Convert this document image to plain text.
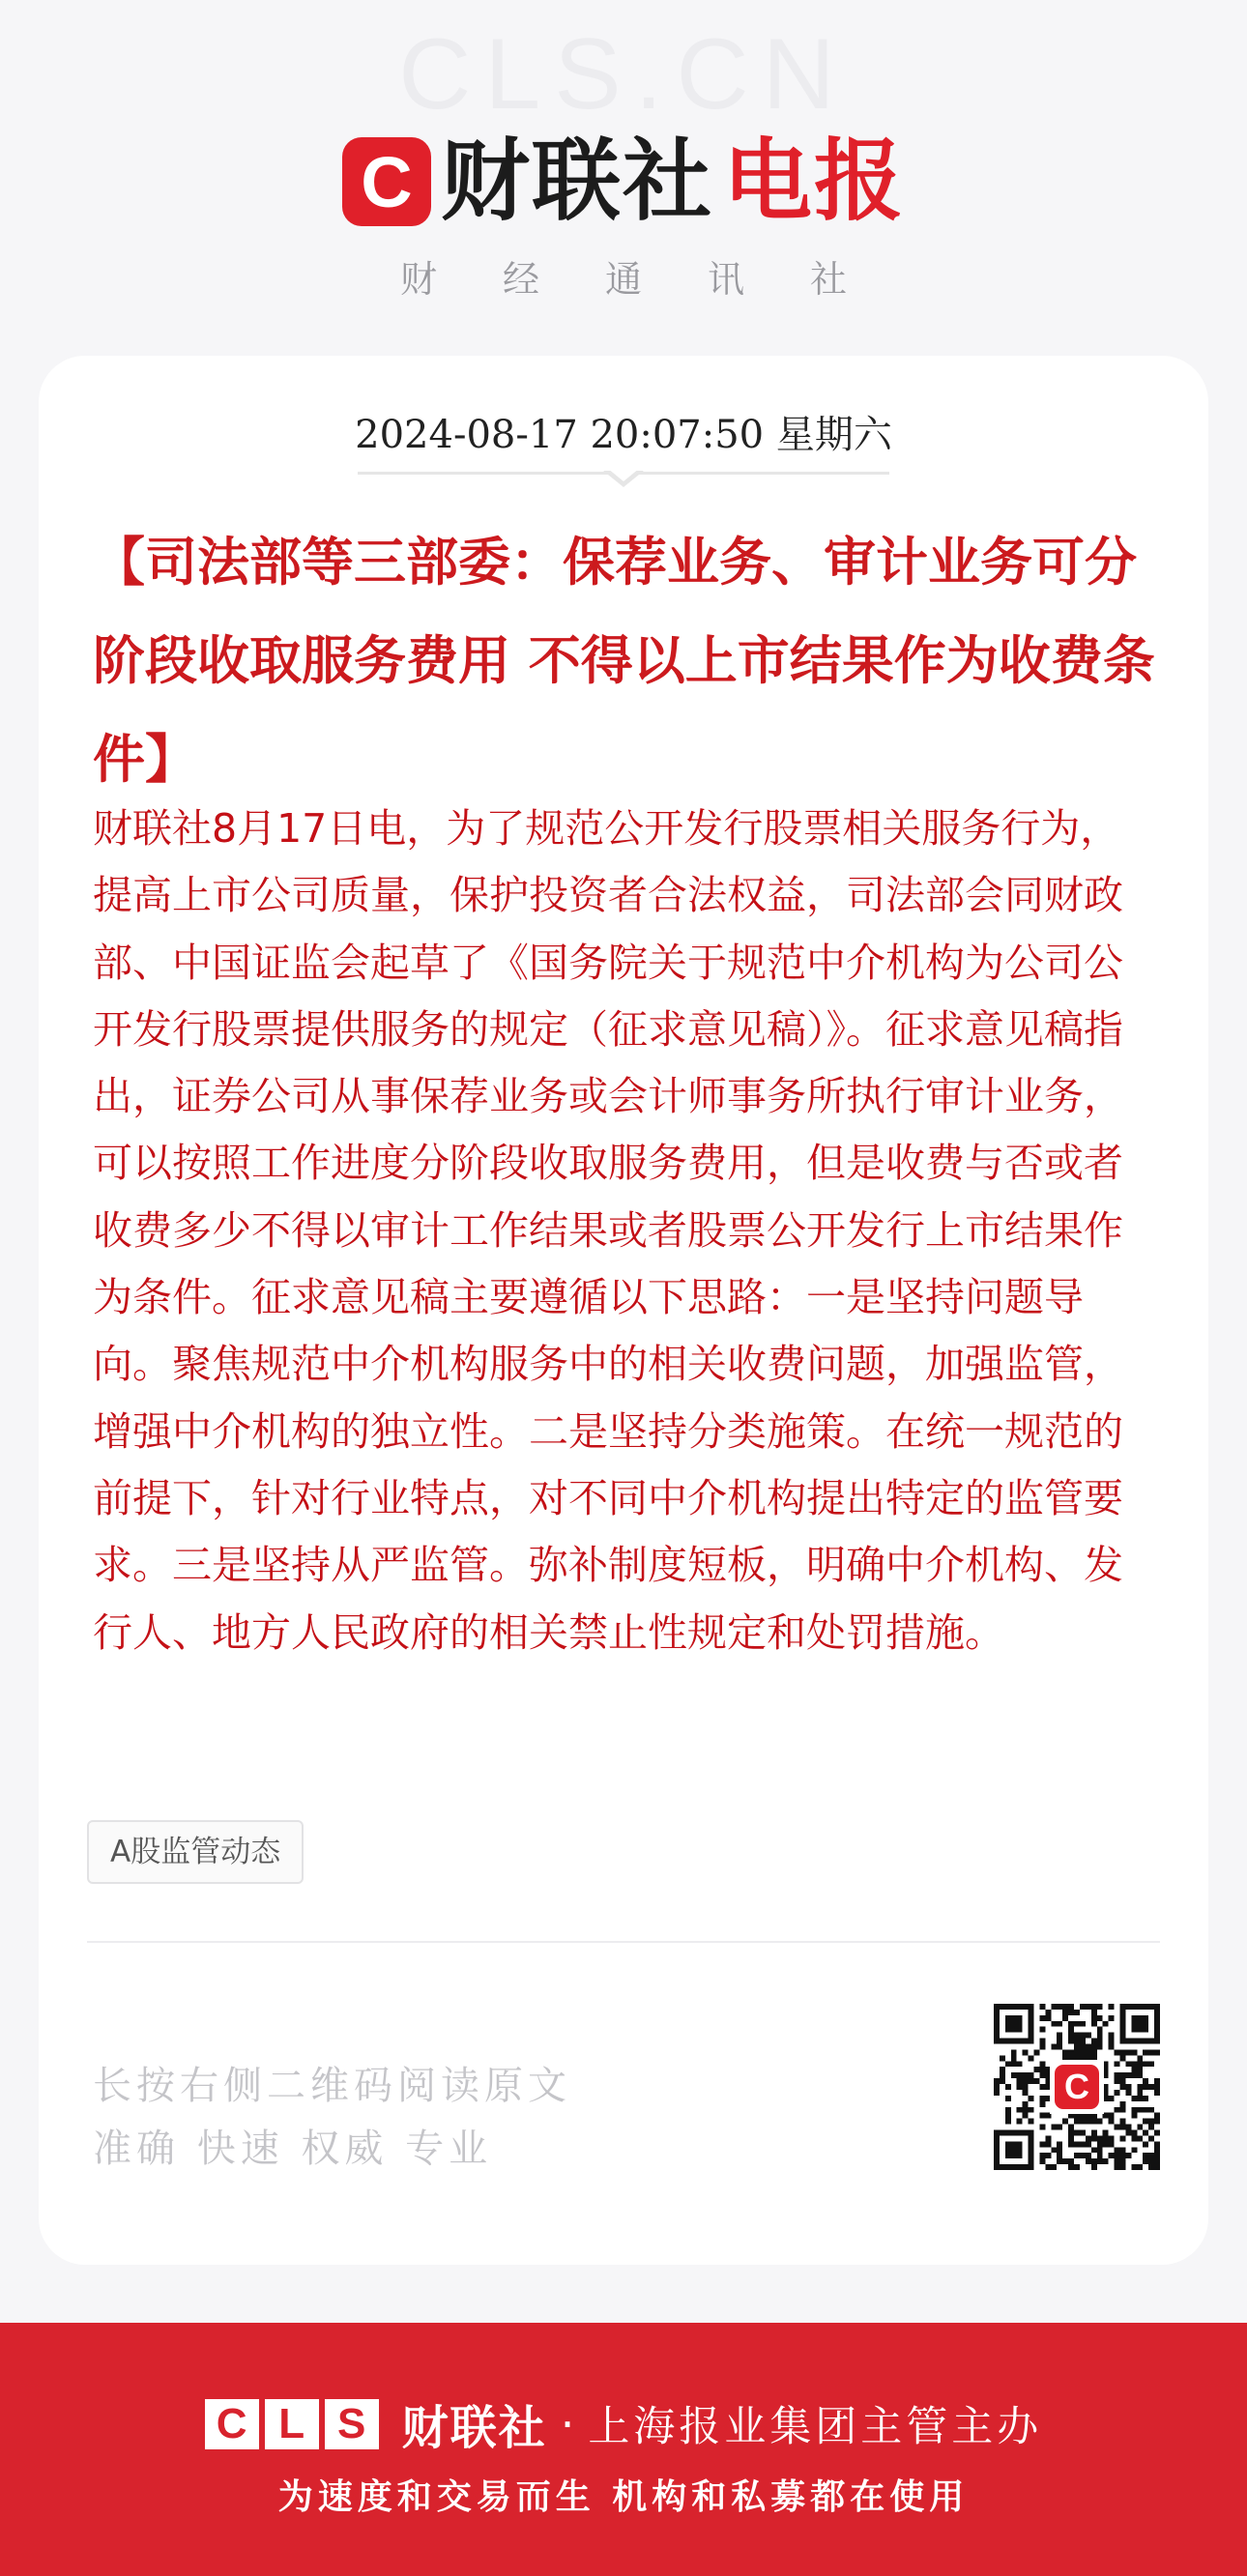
CLS.CN
C 财联社 电报
财经通讯社
2024-08-17 20:07:50 星期六
【司法部等三部委：保荐业务、审计业务可分阶段收取服务费用 不得以上市结果作为收费条件】

财联社8月17日电，为了规范公开发行股票相关服务行为，提高上市公司质量，保护投资者合法权益，司法部会同财政部、中国证监会起草了《国务院关于规范中介机构为公司公开发行股票提供服务的规定（征求意见稿）》。征求意见稿指出，证券公司从事保荐业务或会计师事务所执行审计业务，可以按照工作进度分阶段收取服务费用，但是收费与否或者收费多少不得以审计工作结果或者股票公开发行上市结果作为条件。征求意见稿主要遵循以下思路：一是坚持问题导向。聚焦规范中介机构服务中的相关收费问题，加强监管，增强中介机构的独立性。二是坚持分类施策。在统一规范的前提下，针对行业特点，对不同中介机构提出特定的监管要求。三是坚持从严监管。弥补制度短板，明确中介机构、发行人、地方人民政府的相关禁止性规定和处罚措施。

A股监管动态
长按右侧二维码阅读原文
准确 快速 权威 专业
C
C L S 财联社 · 上海报业集团主管主办
为速度和交易而生 机构和私募都在使用
